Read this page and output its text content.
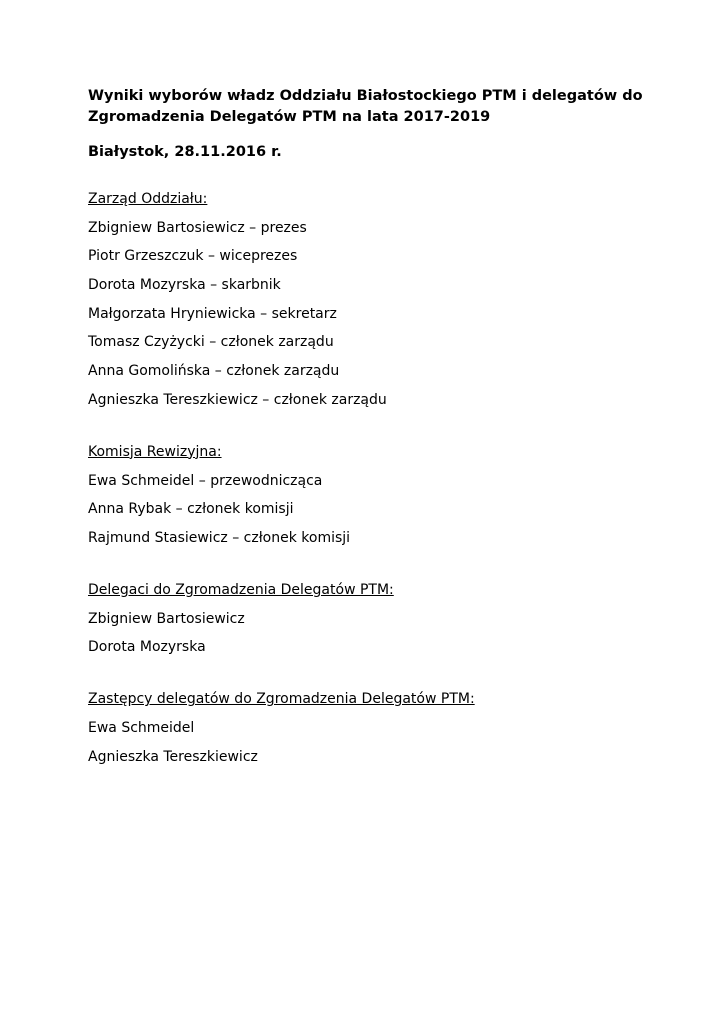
Wyniki wyborów władz Oddziału Białostockiego PTM i delegatów do

Zgromadzenia Delegatów PTM na lata 2017-2019

Białystok, 28.11.2016 r.

Zarząd Oddziału:

Zbigniew Bartosiewicz – prezes

Piotr Grzeszczuk – wiceprezes

Dorota Mozyrska – skarbnik

Małgorzata Hryniewicka – sekretarz

Tomasz Czyżycki – członek zarządu

Anna Gomolińska – członek zarządu

Agnieszka Tereszkiewicz – członek zarządu

Komisja Rewizyjna:

Ewa Schmeidel – przewodnicząca

Anna Rybak – członek komisji

Rajmund Stasiewicz – członek komisji

Delegaci do Zgromadzenia Delegatów PTM:

Zbigniew Bartosiewicz

Dorota Mozyrska

Zastępcy delegatów do Zgromadzenia Delegatów PTM:

Ewa Schmeidel

Agnieszka Tereszkiewicz
